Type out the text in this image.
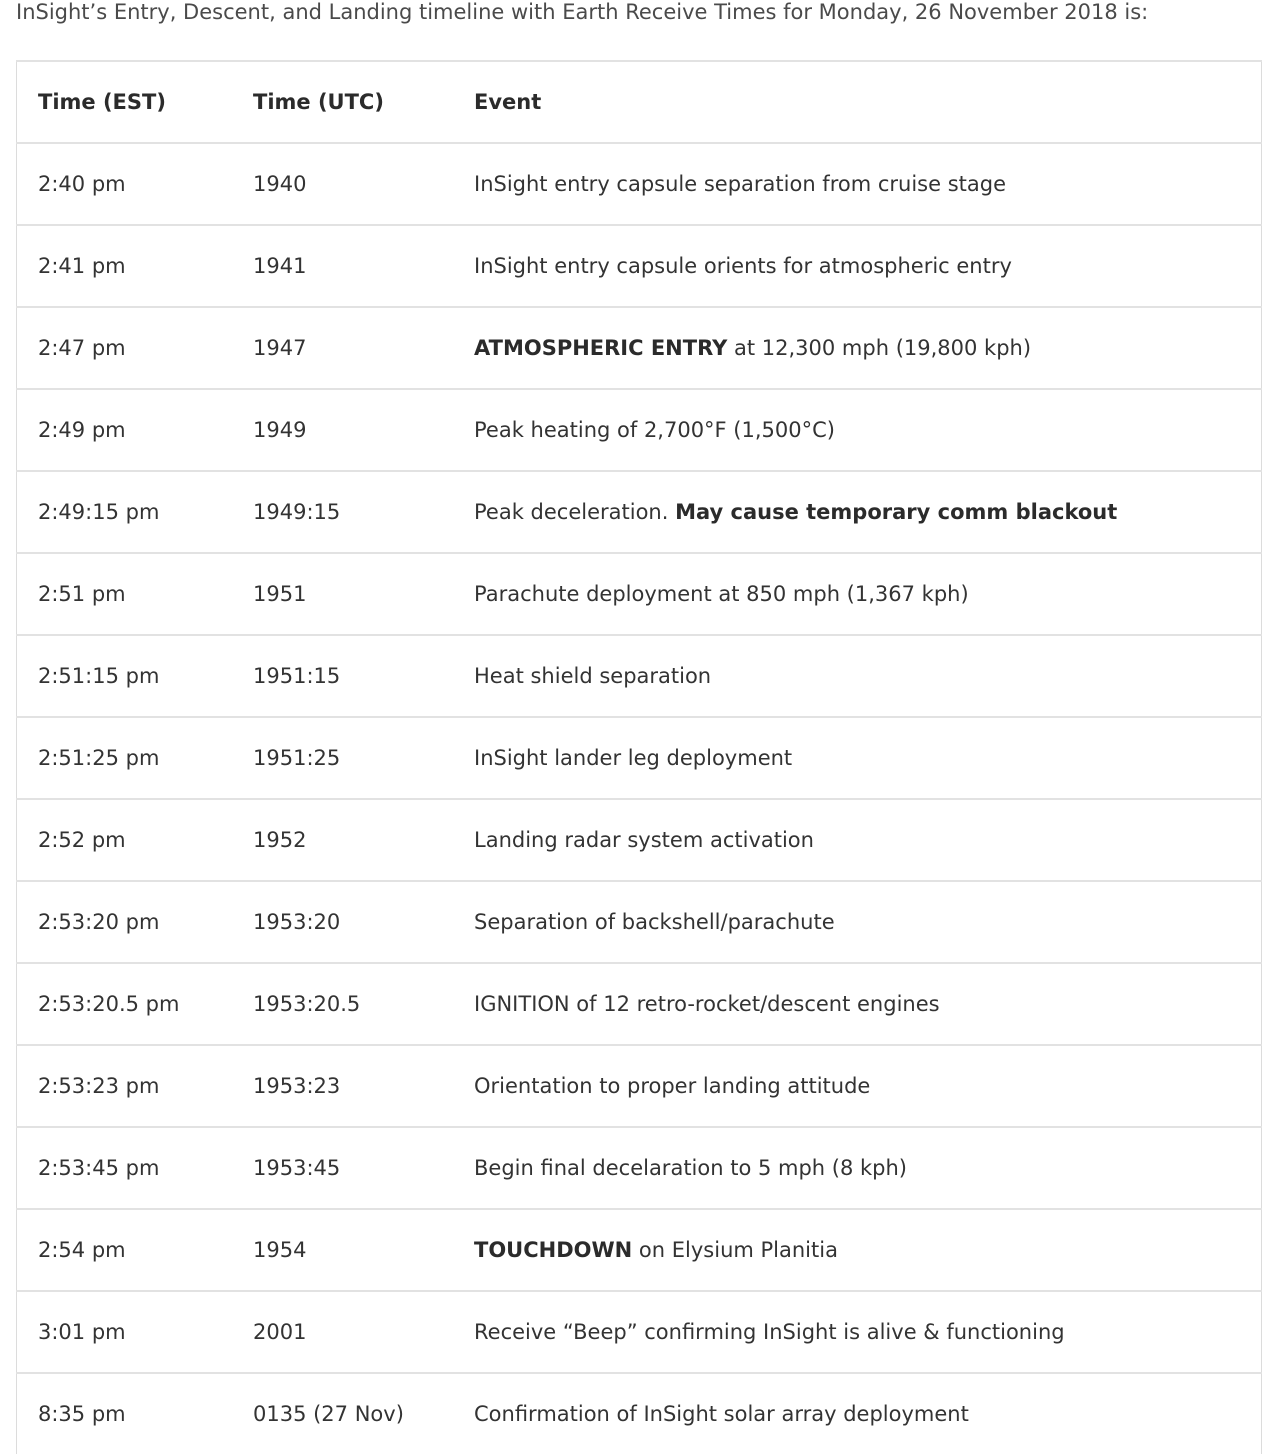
InSight’s Entry, Descent, and Landing timeline with Earth Receive Times for Monday, 26 November 2018 is:
Time (EST)	Time (UTC)	Event
2:40 pm	1940	InSight entry capsule separation from cruise stage
2:41 pm	1941	InSight entry capsule orients for atmospheric entry
2:47 pm	1947	ATMOSPHERIC ENTRY at 12,300 mph (19,800 kph)
2:49 pm	1949	Peak heating of 2,700°F (1,500°C)
2:49:15 pm	1949:15	Peak deceleration. May cause temporary comm blackout
2:51 pm	1951	Parachute deployment at 850 mph (1,367 kph)
2:51:15 pm	1951:15	Heat shield separation
2:51:25 pm	1951:25	InSight lander leg deployment
2:52 pm	1952	Landing radar system activation
2:53:20 pm	1953:20	Separation of backshell/parachute
2:53:20.5 pm	1953:20.5	IGNITION of 12 retro-rocket/descent engines
2:53:23 pm	1953:23	Orientation to proper landing attitude
2:53:45 pm	1953:45	Begin final decelaration to 5 mph (8 kph)
2:54 pm	1954	TOUCHDOWN on Elysium Planitia
3:01 pm	2001	Receive “Beep” confirming InSight is alive & functioning
8:35 pm	0135 (27 Nov)	Confirmation of InSight solar array deployment
